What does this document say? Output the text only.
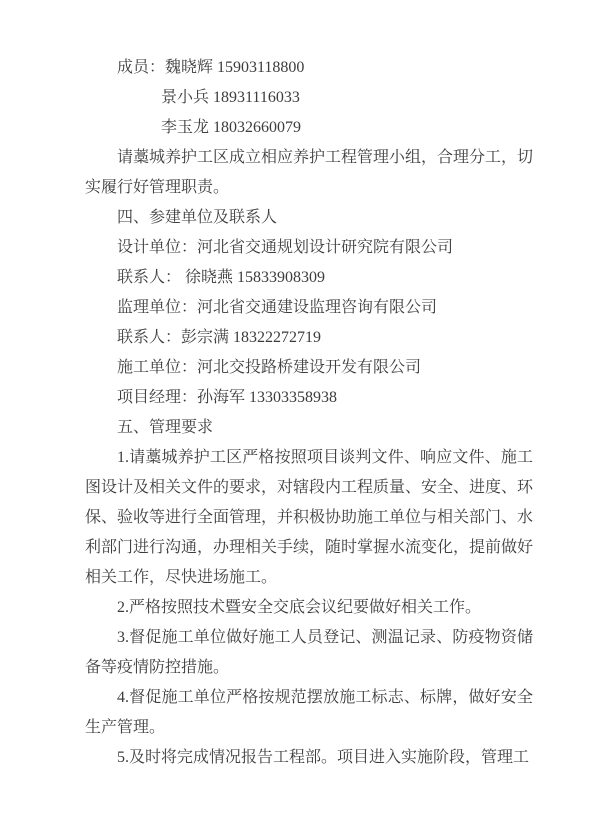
成员：魏晓辉 15903118800

景小兵 18931116033

李玉龙 18032660079

请藁城养护工区成立相应养护工程管理小组，合理分工，切实履行好管理职责。

四、参建单位及联系人

设计单位：河北省交通规划设计研究院有限公司

联系人： 徐晓燕 15833908309

监理单位：河北省交通建设监理咨询有限公司

联系人：彭宗满 18322272719

施工单位：河北交投路桥建设开发有限公司

项目经理：孙海军 13303358938

五、管理要求

1.请藁城养护工区严格按照项目谈判文件、响应文件、施工图设计及相关文件的要求，对辖段内工程质量、安全、进度、环保、验收等进行全面管理，并积极协助施工单位与相关部门、水利部门进行沟通，办理相关手续，随时掌握水流变化，提前做好相关工作，尽快进场施工。

2.严格按照技术暨安全交底会议纪要做好相关工作。

3.督促施工单位做好施工人员登记、测温记录、防疫物资储备等疫情防控措施。

4.督促施工单位严格按规范摆放施工标志、标牌，做好安全生产管理。

5.及时将完成情况报告工程部。项目进入实施阶段，管理工
